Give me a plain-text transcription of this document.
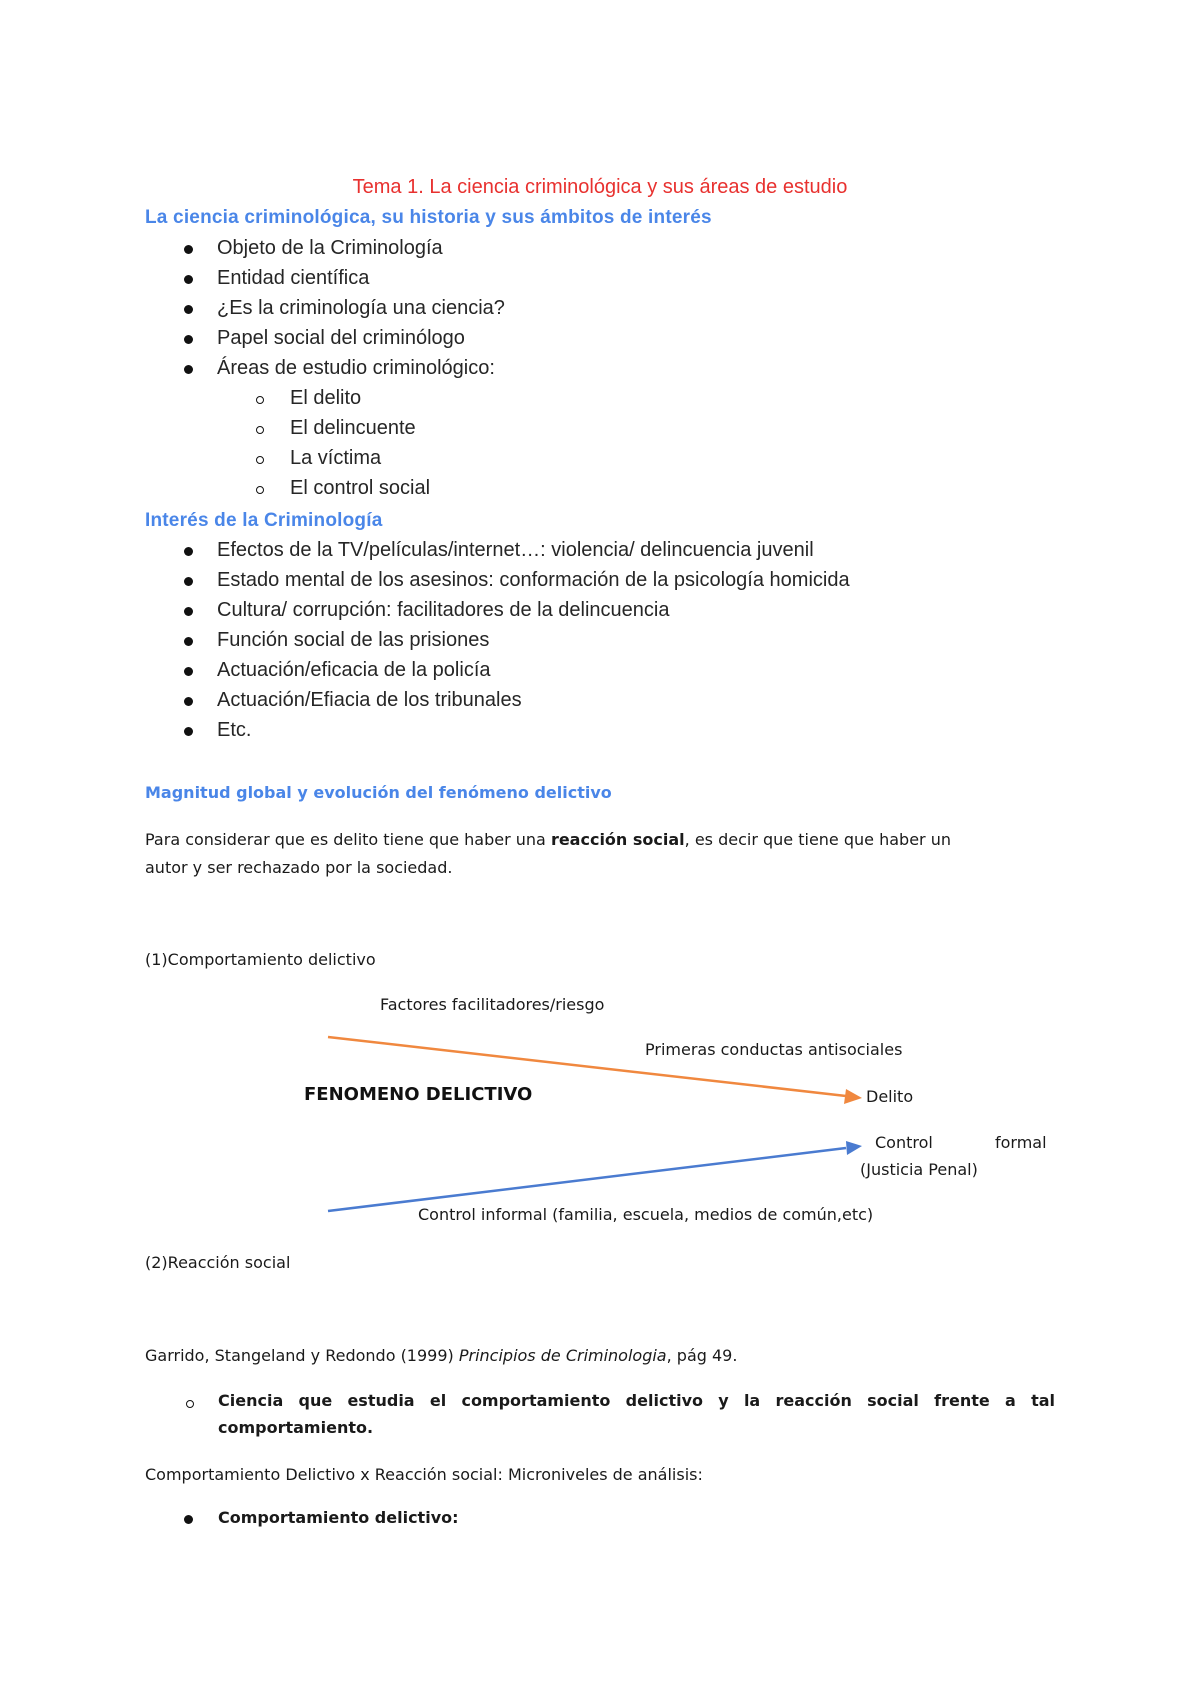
Tema 1. La ciencia criminológica y sus áreas de estudio
La ciencia criminológica, su historia y sus ámbitos de interés
Objeto de la Criminología
Entidad científica
¿Es la criminología una ciencia?
Papel social del criminólogo
Áreas de estudio criminológico:
El delito
El delincuente
La víctima
El control social
Interés de la Criminología
Efectos de la TV/películas/internet…: violencia/ delincuencia juvenil
Estado mental de los asesinos: conformación de la psicología homicida
Cultura/ corrupción: facilitadores de la delincuencia
Función social de las prisiones
Actuación/eficacia de la policía
Actuación/Efiacia de los tribunales
Etc.
Magnitud global y evolución del fenómeno delictivo
Para considerar que es delito tiene que haber una reacción social, es decir que tiene que haber un
autor y ser rechazado por la sociedad.
(1)Comportamiento delictivo
Factores facilitadores/riesgo
Primeras conductas antisociales
FENOMENO DELICTIVO	Delito
Control	formal
(Justicia Penal)
Control informal (familia, escuela, medios de común,etc)
(2)Reacción social
Garrido, Stangeland y Redondo (1999) Principios de Criminologia, pág 49.
Ciencia que estudia el comportamiento delictivo y la reacción social frente a tal
comportamiento.
Comportamiento Delictivo x Reacción social: Microniveles de análisis:
Comportamiento delictivo:
